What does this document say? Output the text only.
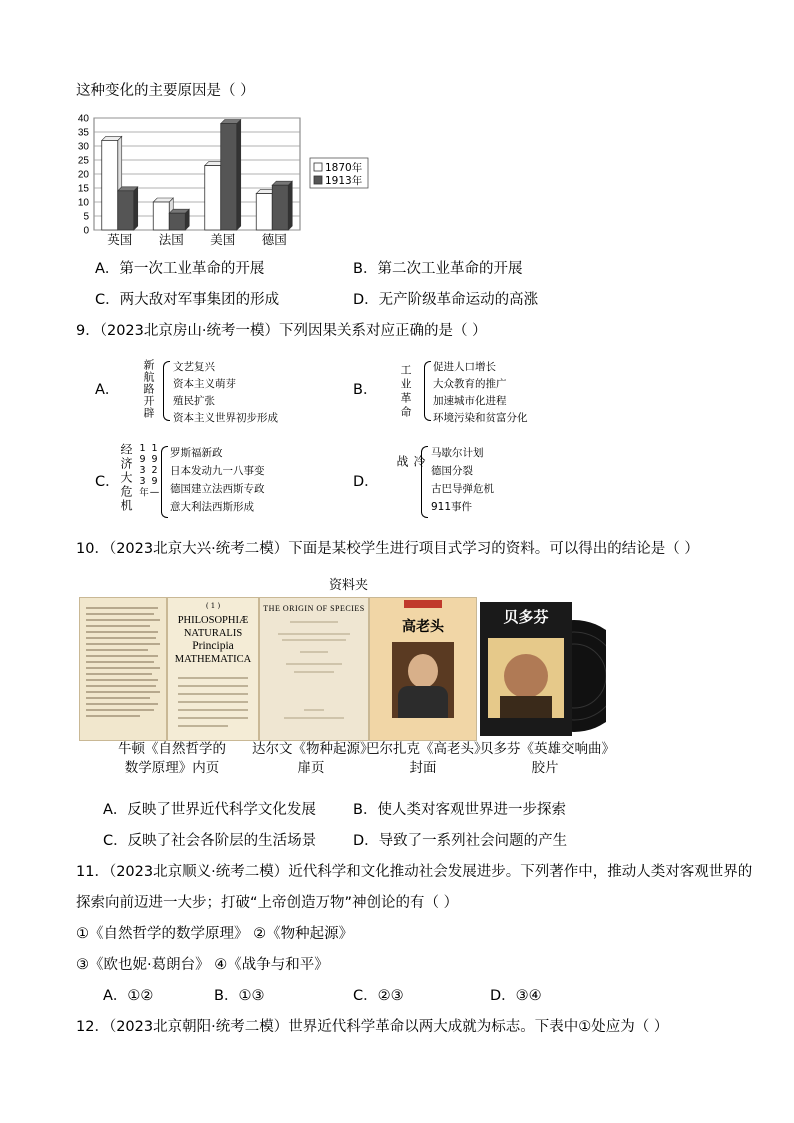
这种变化的主要原因是（ ）
0
5
10
15
20
25
30
35
40
英国 法国 美国 德国
1870年
1913年
A．第一次工业革命的开展	B．第二次工业革命的开展
C．两大敌对军事集团的形成	D．无产阶级革命运动的高涨
9．（2023北京房山·统考一模）下列因果关系对应正确的是（ ）
A． 新航路开辟 文艺复兴
资本主义萌芽
殖民扩张
资本主义世界初步形成
B． 工业革命 促进人口增长
大众教育的推广
加速城市化进程
环境污染和贫富分化
C． 经济大危机	1929—1933年	罗斯福新政
日本发动九一八事变
德国建立法西斯专政
意大利法西斯形成
D．	冷战
马歇尔计划
德国分裂
古巴导弹危机
911事件
10．（2023北京大兴·统考二模）下面是某校学生进行项目式学习的资料。可以得出的结论是（ ）
资料夹
( 1 )
PHILOSOPHIÆ
NATURALIS
Principia
MATHEMATICA
THE ORIGIN OF SPECIES
高老头
贝多芬
牛顿《自然哲学的
数学原理》内页
达尔文《物种起源》
扉页
巴尔扎克《高老头》
封面
贝多芬《英雄交响曲》
胶片
A．反映了世界近代科学文化发展	B．使人类对客观世界进一步探索
C．反映了社会各阶层的生活场景	D．导致了一系列社会问题的产生
11．（2023北京顺义·统考二模）近代科学和文化推动社会发展进步。下列著作中，推动人类对客观世界的
探索向前迈进一大步；打破“上帝创造万物”神创论的有（ ）
①《自然哲学的数学原理》 ②《物种起源》
③《欧也妮·葛朗台》 ④《战争与和平》
A．①②	B．①③	C．②③	D．③④
12．（2023北京朝阳·统考二模）世界近代科学革命以两大成就为标志。下表中①处应为（ ）
